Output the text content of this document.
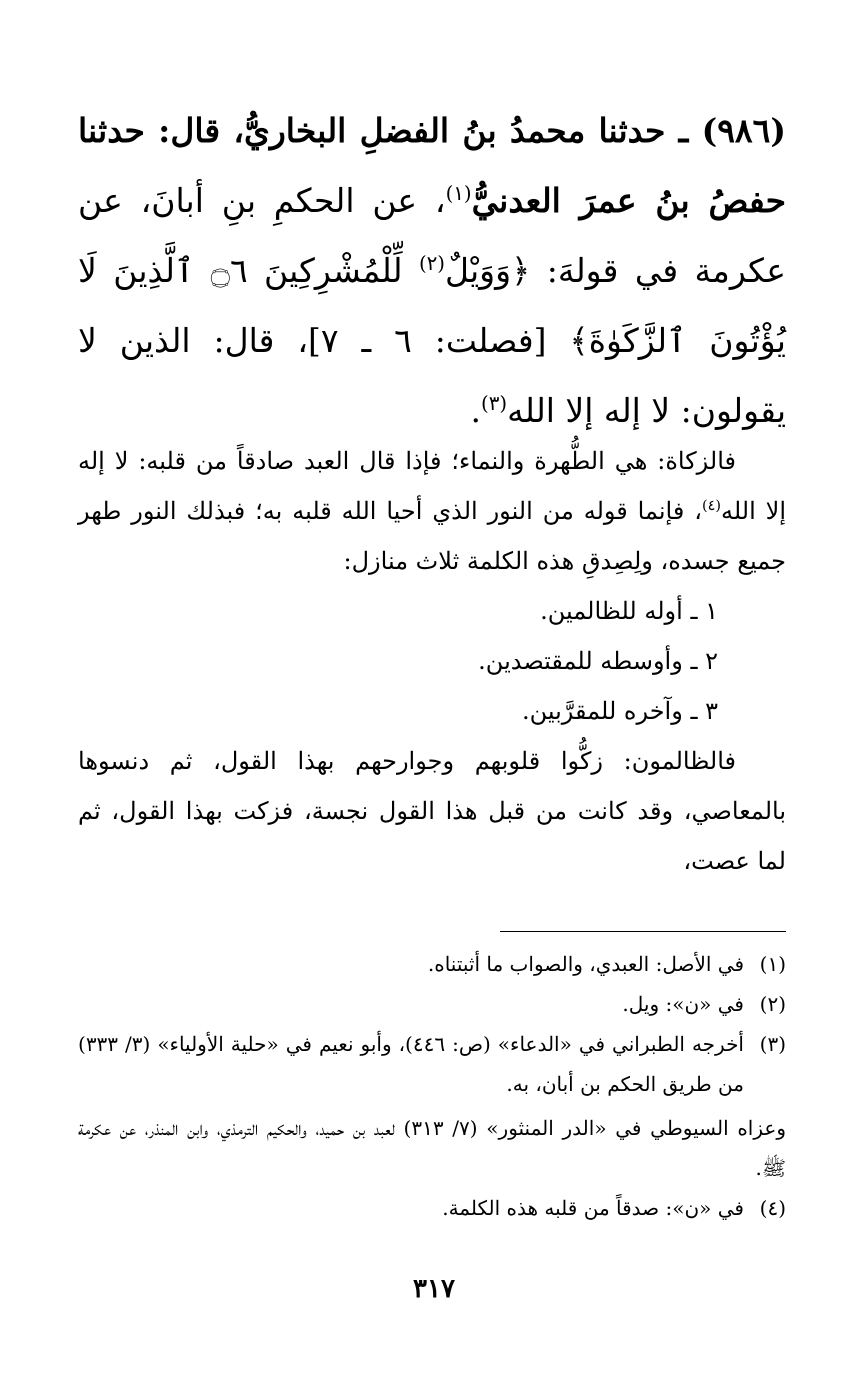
(٩٨٦) ـ حدثنا محمدُ بنُ الفضلِ البخاريُّ، قال: حدثنا حفصُ بنُ عمرَ العدنيُّ$^{(١)}$، عن الحكمِ بنِ أبانَ، عن عكرمة في قولهَ: ﴿وَوَيْلٌ$^{(٢)}$ لِّلْمُشْرِكِينَ ۝٦ ٱلَّذِينَ لَا يُؤْتُونَ ٱلزَّكَوٰةَ﴾ [فصلت: ٦ ـ ٧]، قال: الذين لا يقولون: لا إله إلا الله$^{(٣)}$.

فالزكاة: هي الطُّهرة والنماء؛ فإذا قال العبد صادقاً من قلبه: لا إله إلا الله$^{(٤)}$، فإنما قوله من النور الذي أحيا الله قلبه به؛ فبذلك النور طهر جميع جسده، ولِصِدقِ هذه الكلمة ثلاث منازل:

١ ـ أوله للظالمين.

٢ ـ وأوسطه للمقتصدين.

٣ ـ وآخره للمقرَّبين.

فالظالمون: زكُّوا قلوبهم وجوارحهم بهذا القول، ثم دنسوها بالمعاصي، وقد كانت من قبل هذا القول نجسة، فزكت بهذا القول، ثم لما عصت،

(١)
في الأصل: العبدي، والصواب ما أثبتناه.
(٢)
في «ن»: ويل.
(٣)
أخرجه الطبراني في «الدعاء» (ص: ٤٤٦)، وأبو نعيم في «حلية الأولياء» (٣/ ٣٣٣) من طريق الحكم بن أبان، به.
وعزاه السيوطي في «الدر المنثور» (٧/ ٣١٣) لعبد بن حميد، والحكيم الترمذي، وابن المنذر، عن عكرمة ﷺ.
(٤)
في «ن»: صدقاً من قلبه هذه الكلمة.
٣١٧
